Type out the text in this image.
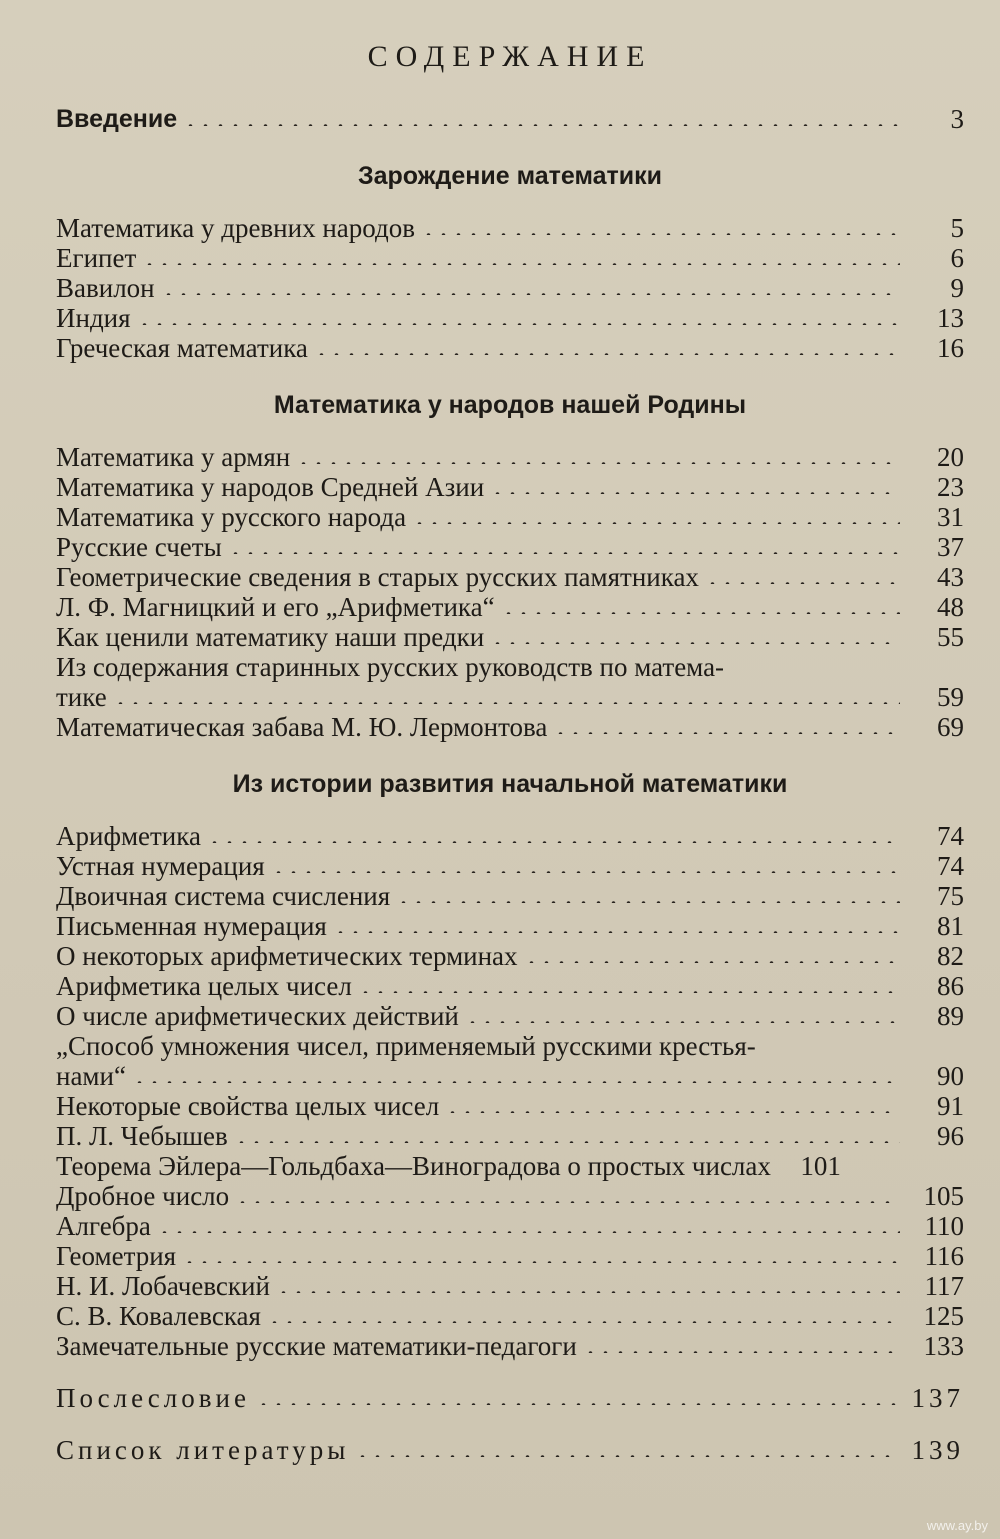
СОДЕРЖАНИЕ
Введение	3
Зарождение математики
Математика у древних народов	5
Египет	6
Вавилон	9
Индия	13
Греческая математика	16
Математика у народов нашей Родины
Математика у армян	20
Математика у народов Средней Азии	23
Математика у русского народа	31
Русские счеты	37
Геометрические сведения в старых русских памятниках	43
Л. Ф. Магницкий и его „Арифметика“	48
Как ценили математику наши предки	55
Из содержания старинных русских руководств по матема-
тике	59
Математическая забава М. Ю. Лермонтова	69
Из истории развития начальной математики
Арифметика	74
Устная нумерация	74
Двоичная система счисления	75
Письменная нумерация	81
О некоторых арифметических терминах	82
Арифметика целых чисел	86
О числе арифметических действий	89
„Способ умножения чисел, применяемый русскими крестья-
нами“	90
Некоторые свойства целых чисел	91
П. Л. Чебышев	96
Теорема Эйлера—Гольдбаха—Виноградова о простых числах	101
Дробное число	105
Алгебра	110
Геометрия	116
Н. И. Лобачевский	117
С. В. Ковалевская	125
Замечательные русские математики-педагоги	133
Послесловие	137
Список литературы	139
www.ay.by
